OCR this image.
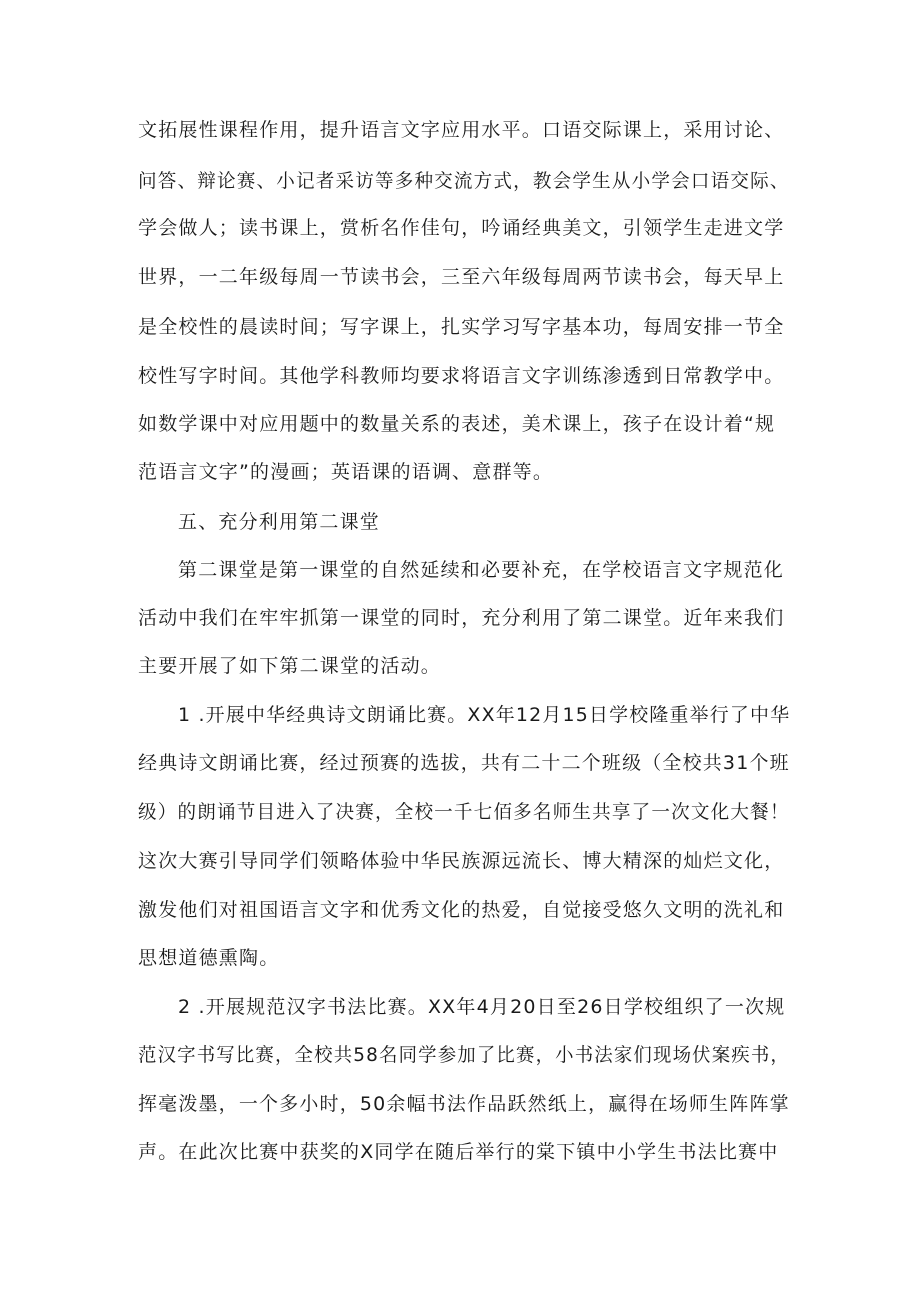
文拓展性课程作用，提升语言文字应用水平。口语交际课上，采用讨论、
问答、辩论赛、小记者采访等多种交流方式，教会学生从小学会口语交际、
学会做人；读书课上，赏析名作佳句，吟诵经典美文，引领学生走进文学
世界，一二年级每周一节读书会，三至六年级每周两节读书会，每天早上
是全校性的晨读时间；写字课上，扎实学习写字基本功，每周安排一节全
校性写字时间。其他学科教师均要求将语言文字训练渗透到日常教学中。
如数学课中对应用题中的数量关系的表述，美术课上，孩子在设计着“规
范语言文字”的漫画；英语课的语调、意群等。
五、充分利用第二课堂
第二课堂是第一课堂的自然延续和必要补充，在学校语言文字规范化
活动中我们在牢牢抓第一课堂的同时，充分利用了第二课堂。近年来我们
主要开展了如下第二课堂的活动。
1 .开展中华经典诗文朗诵比赛。XX年12月15日学校隆重举行了中华
经典诗文朗诵比赛，经过预赛的选拔，共有二十二个班级（全校共31个班
级）的朗诵节目进入了决赛，全校一千七佰多名师生共享了一次文化大餐！
这次大赛引导同学们领略体验中华民族源远流长、博大精深的灿烂文化，
激发他们对祖国语言文字和优秀文化的热爱，自觉接受悠久文明的洗礼和
思想道德熏陶。
2 .开展规范汉字书法比赛。XX年4月20日至26日学校组织了一次规
范汉字书写比赛，全校共58名同学参加了比赛，小书法家们现场伏案疾书，
挥毫泼墨，一个多小时，50余幅书法作品跃然纸上，赢得在场师生阵阵掌
声。在此次比赛中获奖的X同学在随后举行的棠下镇中小学生书法比赛中
